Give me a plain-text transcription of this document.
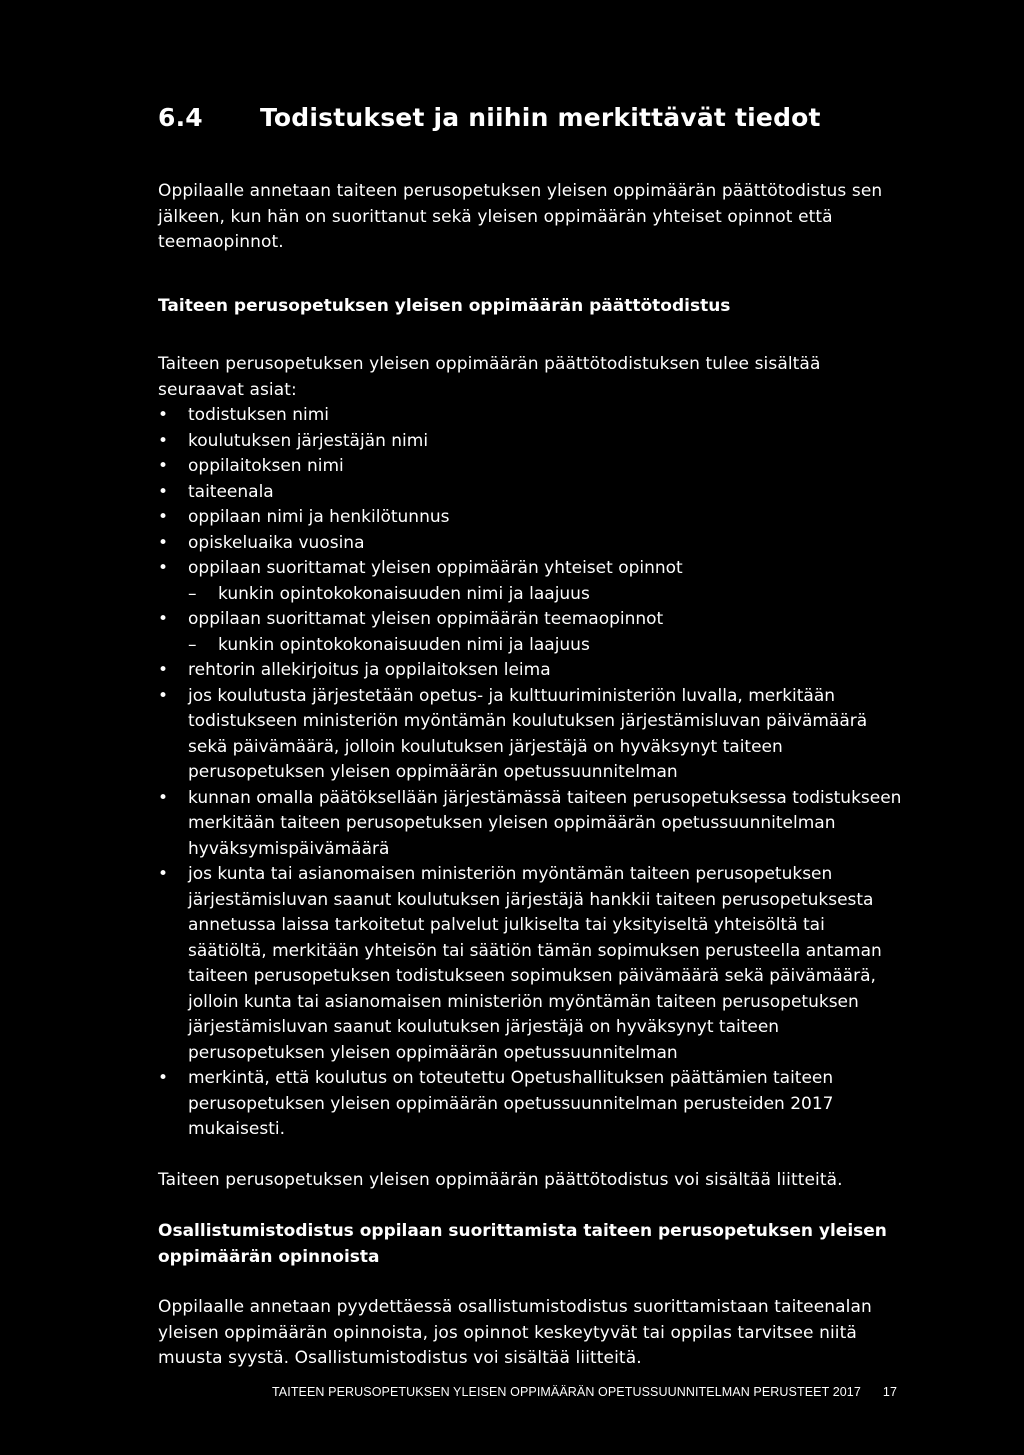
6.4	Todistukset ja niihin merkittävät tiedot

Oppilaalle annetaan taiteen perusopetuksen yleisen oppimäärän päättötodistus sen jälkeen, kun hän on suorittanut sekä yleisen oppimäärän yhteiset opinnot että teemaopinnot.

Taiteen perusopetuksen yleisen oppimäärän päättötodistus

Taiteen perusopetuksen yleisen oppimäärän päättötodistuksen tulee sisältää seuraavat asiat:

• todistuksen nimi
• koulutuksen järjestäjän nimi
• oppilaitoksen nimi
• taiteenala
• oppilaan nimi ja henkilötunnus
• opiskeluaika vuosina
• oppilaan suorittamat yleisen oppimäärän yhteiset opinnot
– kunkin opintokokonaisuuden nimi ja laajuus
• oppilaan suorittamat yleisen oppimäärän teemaopinnot
– kunkin opintokokonaisuuden nimi ja laajuus
• rehtorin allekirjoitus ja oppilaitoksen leima
• jos koulutusta järjestetään opetus- ja kulttuuriministeriön luvalla, merkitään todistukseen ministeriön myöntämän koulutuksen järjestämisluvan päivämäärä sekä päivämäärä, jolloin koulutuksen järjestäjä on hyväksynyt taiteen perusopetuksen yleisen oppimäärän opetussuunnitelman
• kunnan omalla päätöksellään järjestämässä taiteen perusopetuksessa todistukseen merkitään taiteen perusopetuksen yleisen oppimäärän opetussuunnitelman hyväksymispäivämäärä
• jos kunta tai asianomaisen ministeriön myöntämän taiteen perusopetuksen järjestämisluvan saanut koulutuksen järjestäjä hankkii taiteen perusopetuksesta annetussa laissa tarkoitetut palvelut julkiselta tai yksityiseltä yhteisöltä tai säätiöltä, merkitään yhteisön tai säätiön tämän sopimuksen perusteella antaman taiteen perusopetuksen todistukseen sopimuksen päivämäärä sekä päivämäärä, jolloin kunta tai asianomaisen ministeriön myöntämän taiteen perusopetuksen järjestämisluvan saanut koulutuksen järjestäjä on hyväksynyt taiteen perusopetuksen yleisen oppimäärän opetussuunnitelman
• merkintä, että koulutus on toteutettu Opetushallituksen päättämien taiteen perusopetuksen yleisen oppimäärän opetussuunnitelman perusteiden 2017 mukaisesti.

Taiteen perusopetuksen yleisen oppimäärän päättötodistus voi sisältää liitteitä.

Osallistumistodistus oppilaan suorittamista taiteen perusopetuksen yleisen oppimäärän opinnoista

Oppilaalle annetaan pyydettäessä osallistumistodistus suorittamistaan taiteenalan yleisen oppimäärän opinnoista, jos opinnot keskeytyvät tai oppilas tarvitsee niitä muusta syystä. Osallistumistodistus voi sisältää liitteitä.

TAITEEN PERUSOPETUKSEN YLEISEN OPPIMÄÄRÄN OPETUSSUUNNITELMAN PERUSTEET 2017 17
